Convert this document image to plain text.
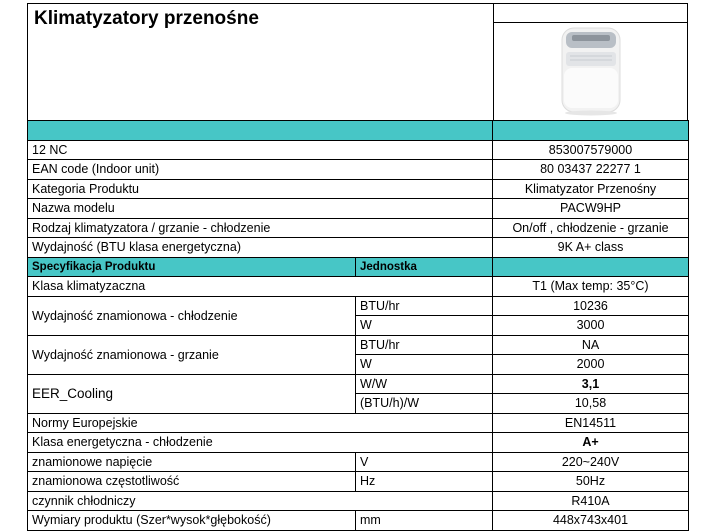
Klimatyzatory przenośne

12 NC		853007579000
EAN code (Indoor unit)		80 03437 22277 1
Kategoria Produktu		Klimatyzator Przenośny
Nazwa modelu		PACW9HP
Rodzaj klimatyzatora / grzanie - chłodzenie		On/off , chłodzenie - grzanie
Wydajność (BTU klasa energetyczna)		9K A+ class
Specyfikacja Produktu	Jednostka	
Klasa klimatyzaczna		T1 (Max temp: 35°C)
Wydajność znamionowa - chłodzenie	BTU/hr	10236
	W	3000
Wydajność znamionowa - grzanie	BTU/hr	NA
	W	2000
EER_Cooling	W/W	3,1
	(BTU/h)/W	10,58
Normy Europejskie		EN14511
Klasa energetyczna - chłodzenie		A+
znamionowe napięcie	V	220~240V
znamionowa częstotliwość	Hz	50Hz
czynnik chłodniczy		R410A
Wymiary produktu (Szer*wysok*głębokość)	mm	448x743x401
